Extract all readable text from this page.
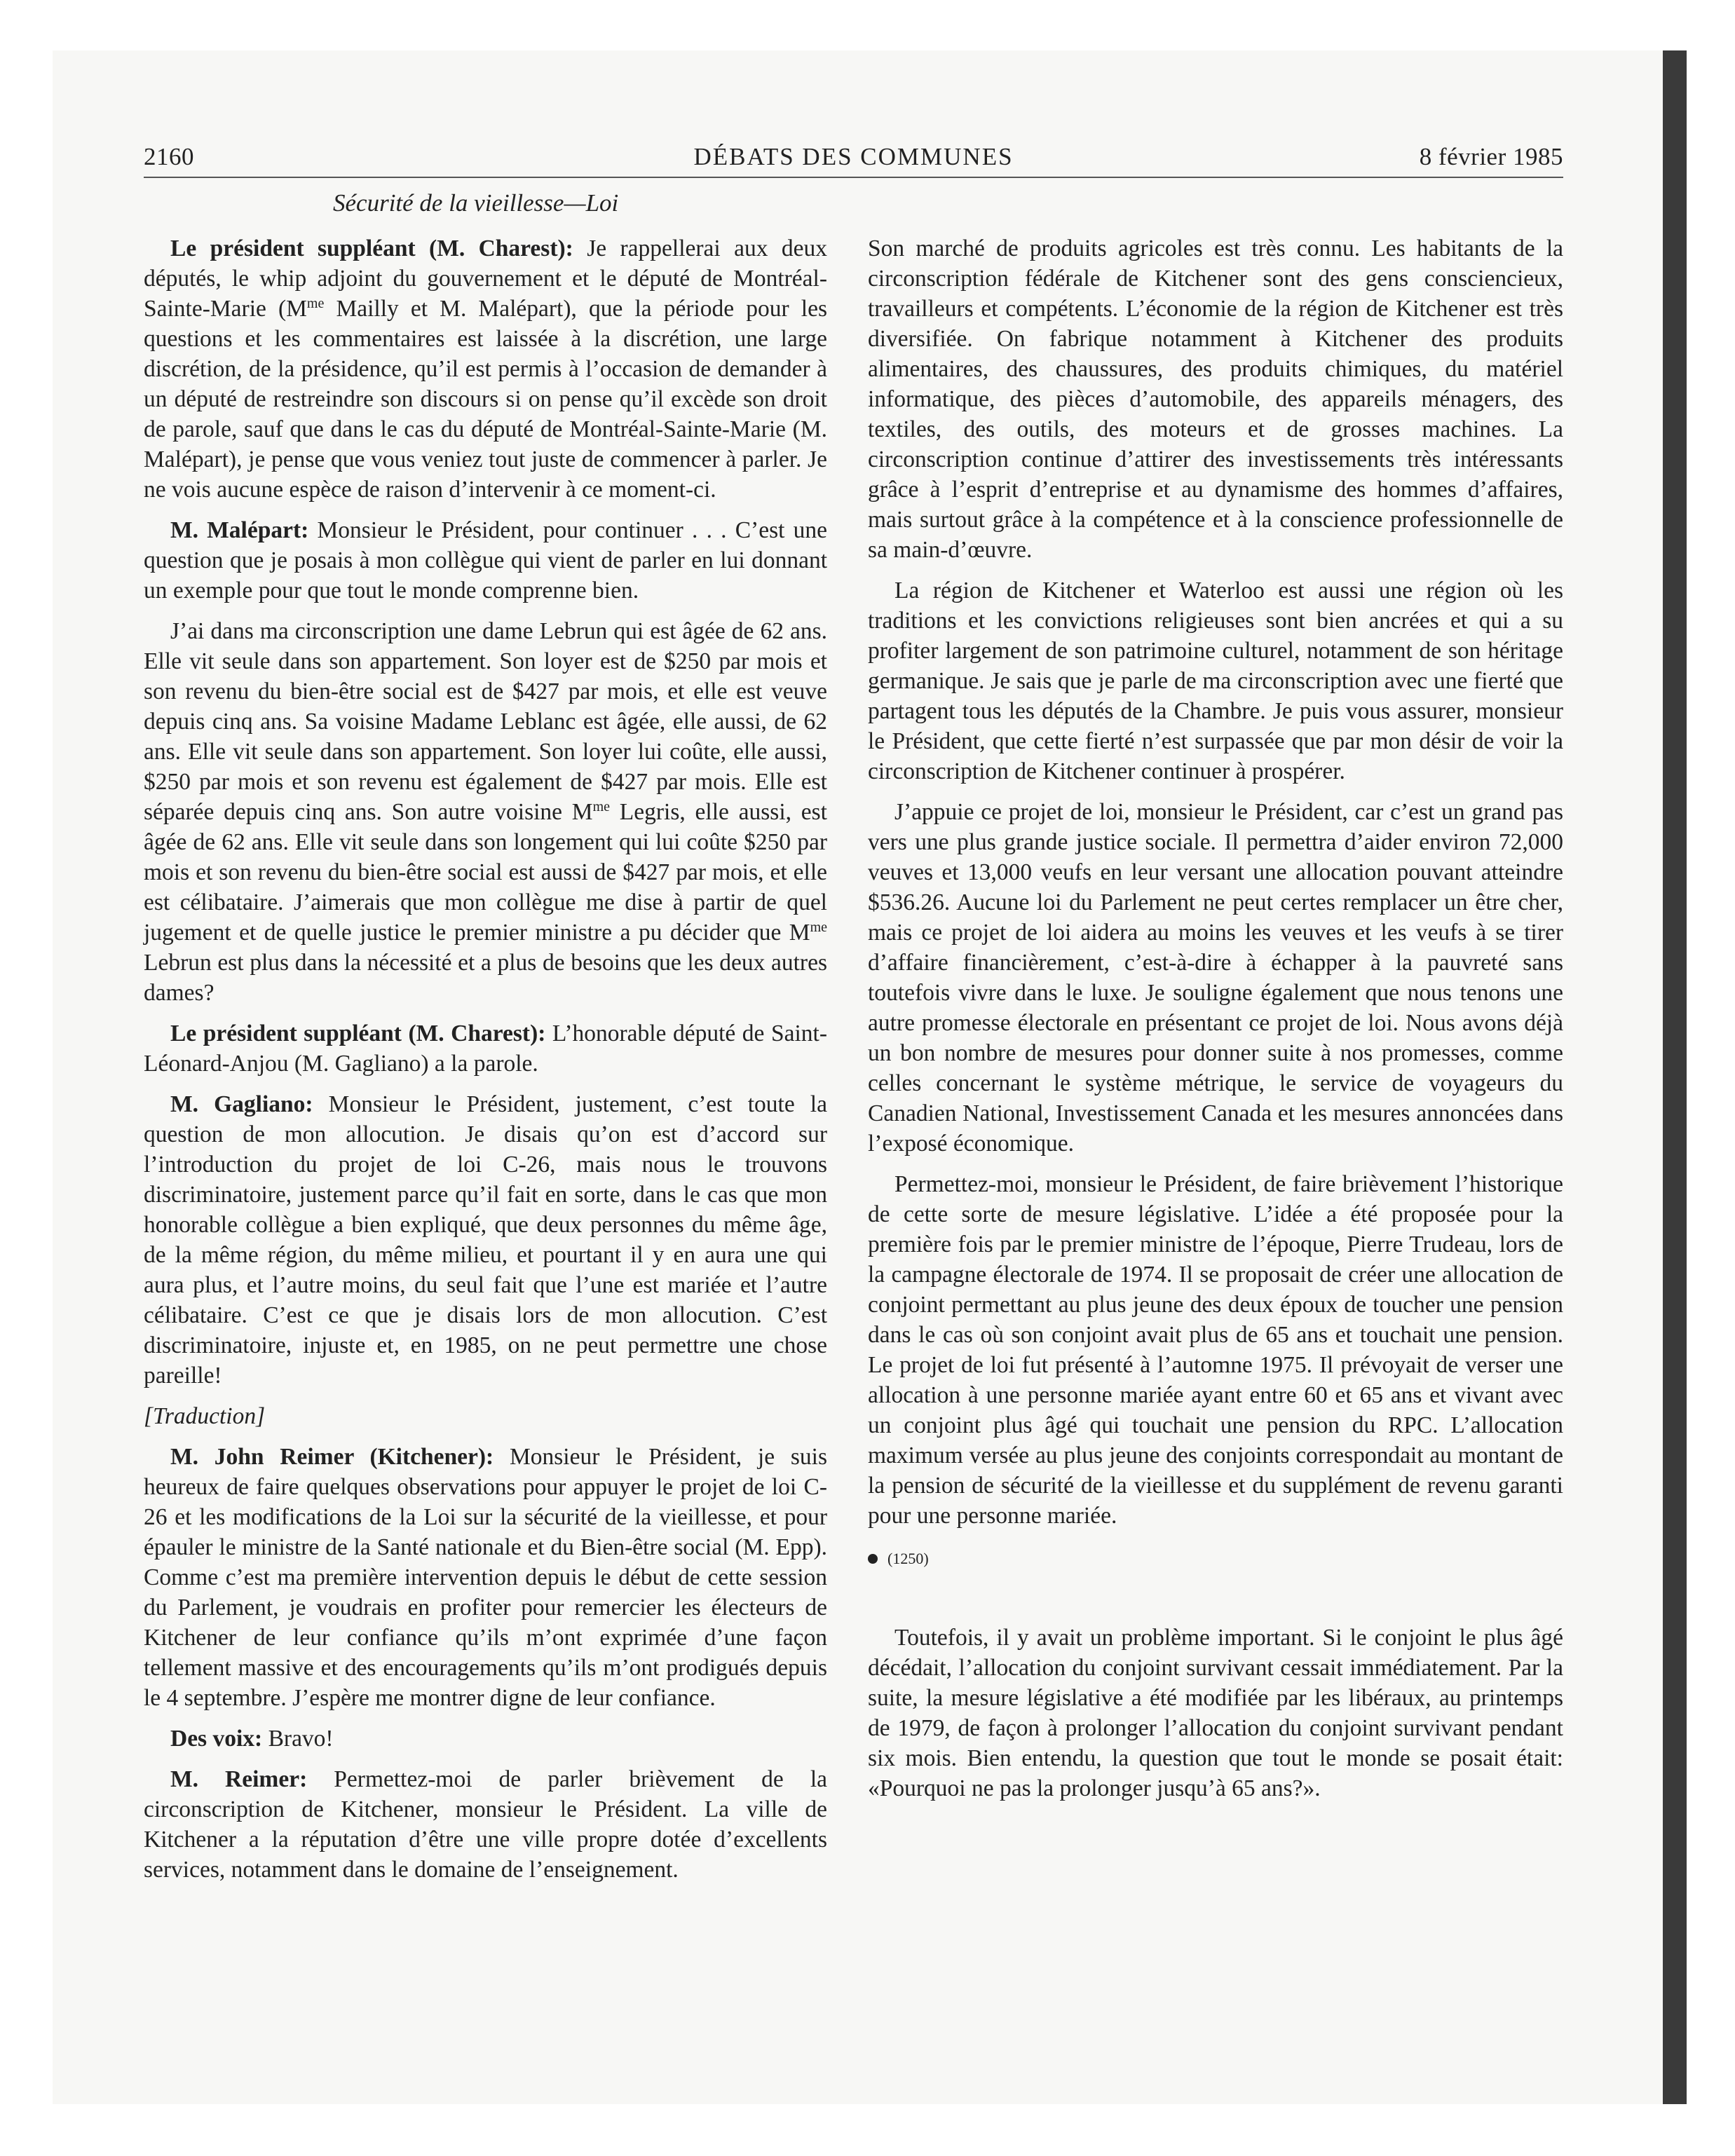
2160	DÉBATS DES COMMUNES	8 février 1985
Sécurité de la vieillesse—Loi

Le président suppléant (M. Charest): Je rappellerai aux deux députés, le whip adjoint du gouvernement et le député de Montréal-Sainte-Marie ($M^{me}$ Mailly et M. Malépart), que la période pour les questions et les commentaires est laissée à la discrétion, une large discrétion, de la présidence, qu’il est permis à l’occasion de demander à un député de restreindre son discours si on pense qu’il excède son droit de parole, sauf que dans le cas du député de Montréal-Sainte-Marie (M. Malépart), je pense que vous veniez tout juste de commencer à parler. Je ne vois aucune espèce de raison d’intervenir à ce moment-ci.

M. Malépart: Monsieur le Président, pour continuer . . . C’est une question que je posais à mon collègue qui vient de parler en lui donnant un exemple pour que tout le monde comprenne bien.

J’ai dans ma circonscription une dame Lebrun qui est âgée de 62 ans. Elle vit seule dans son appartement. Son loyer est de $250 par mois et son revenu du bien-être social est de $427 par mois, et elle est veuve depuis cinq ans. Sa voisine Madame Leblanc est âgée, elle aussi, de 62 ans. Elle vit seule dans son appartement. Son loyer lui coûte, elle aussi, $250 par mois et son revenu est également de $427 par mois. Elle est séparée depuis cinq ans. Son autre voisine $M^{me}$ Legris, elle aussi, est âgée de 62 ans. Elle vit seule dans son longement qui lui coûte $250 par mois et son revenu du bien-être social est aussi de $427 par mois, et elle est célibataire. J’aimerais que mon collègue me dise à partir de quel jugement et de quelle justice le premier ministre a pu décider que $M^{me}$ Lebrun est plus dans la nécessité et a plus de besoins que les deux autres dames?

Le président suppléant (M. Charest): L’honorable député de Saint-Léonard-Anjou (M. Gagliano) a la parole.

M. Gagliano: Monsieur le Président, justement, c’est toute la question de mon allocution. Je disais qu’on est d’accord sur l’introduction du projet de loi C-26, mais nous le trouvons discriminatoire, justement parce qu’il fait en sorte, dans le cas que mon honorable collègue a bien expliqué, que deux personnes du même âge, de la même région, du même milieu, et pourtant il y en aura une qui aura plus, et l’autre moins, du seul fait que l’une est mariée et l’autre célibataire. C’est ce que je disais lors de mon allocution. C’est discriminatoire, injuste et, en 1985, on ne peut permettre une chose pareille!

[Traduction]

M. John Reimer (Kitchener): Monsieur le Président, je suis heureux de faire quelques observations pour appuyer le projet de loi C-26 et les modifications de la Loi sur la sécurité de la vieillesse, et pour épauler le ministre de la Santé nationale et du Bien-être social (M. Epp). Comme c’est ma première intervention depuis le début de cette session du Parlement, je voudrais en profiter pour remercier les électeurs de Kitchener de leur confiance qu’ils m’ont exprimée d’une façon tellement massive et des encouragements qu’ils m’ont prodigués depuis le 4 septembre. J’espère me montrer digne de leur confiance.

Des voix: Bravo!

M. Reimer: Permettez-moi de parler brièvement de la circonscription de Kitchener, monsieur le Président. La ville de Kitchener a la réputation d’être une ville propre dotée d’excellents services, notamment dans le domaine de l’enseignement.

Son marché de produits agricoles est très connu. Les habitants de la circonscription fédérale de Kitchener sont des gens consciencieux, travailleurs et compétents. L’économie de la région de Kitchener est très diversifiée. On fabrique notamment à Kitchener des produits alimentaires, des chaussures, des produits chimiques, du matériel informatique, des pièces d’automobile, des appareils ménagers, des textiles, des outils, des moteurs et de grosses machines. La circonscription continue d’attirer des investissements très intéressants grâce à l’esprit d’entreprise et au dynamisme des hommes d’affaires, mais surtout grâce à la compétence et à la conscience professionnelle de sa main-d’œuvre.

La région de Kitchener et Waterloo est aussi une région où les traditions et les convictions religieuses sont bien ancrées et qui a su profiter largement de son patrimoine culturel, notamment de son héritage germanique. Je sais que je parle de ma circonscription avec une fierté que partagent tous les députés de la Chambre. Je puis vous assurer, monsieur le Président, que cette fierté n’est surpassée que par mon désir de voir la circonscription de Kitchener continuer à prospérer.

J’appuie ce projet de loi, monsieur le Président, car c’est un grand pas vers une plus grande justice sociale. Il permettra d’aider environ 72,000 veuves et 13,000 veufs en leur versant une allocation pouvant atteindre $536.26. Aucune loi du Parlement ne peut certes remplacer un être cher, mais ce projet de loi aidera au moins les veuves et les veufs à se tirer d’affaire financièrement, c’est-à-dire à échapper à la pauvreté sans toutefois vivre dans le luxe. Je souligne également que nous tenons une autre promesse électorale en présentant ce projet de loi. Nous avons déjà un bon nombre de mesures pour donner suite à nos promesses, comme celles concernant le système métrique, le service de voyageurs du Canadien National, Investissement Canada et les mesures annoncées dans l’exposé économique.

Permettez-moi, monsieur le Président, de faire brièvement l’historique de cette sorte de mesure législative. L’idée a été proposée pour la première fois par le premier ministre de l’époque, Pierre Trudeau, lors de la campagne électorale de 1974. Il se proposait de créer une allocation de conjoint permettant au plus jeune des deux époux de toucher une pension dans le cas où son conjoint avait plus de 65 ans et touchait une pension. Le projet de loi fut présenté à l’automne 1975. Il prévoyait de verser une allocation à une personne mariée ayant entre 60 et 65 ans et vivant avec un conjoint plus âgé qui touchait une pension du RPC. L’allocation maximum versée au plus jeune des conjoints correspondait au montant de la pension de sécurité de la vieillesse et du supplément de revenu garanti pour une personne mariée.

(1250)

Toutefois, il y avait un problème important. Si le conjoint le plus âgé décédait, l’allocation du conjoint survivant cessait immédiatement. Par la suite, la mesure législative a été modifiée par les libéraux, au printemps de 1979, de façon à prolonger l’allocation du conjoint survivant pendant six mois. Bien entendu, la question que tout le monde se posait était: «Pourquoi ne pas la prolonger jusqu’à 65 ans?».
